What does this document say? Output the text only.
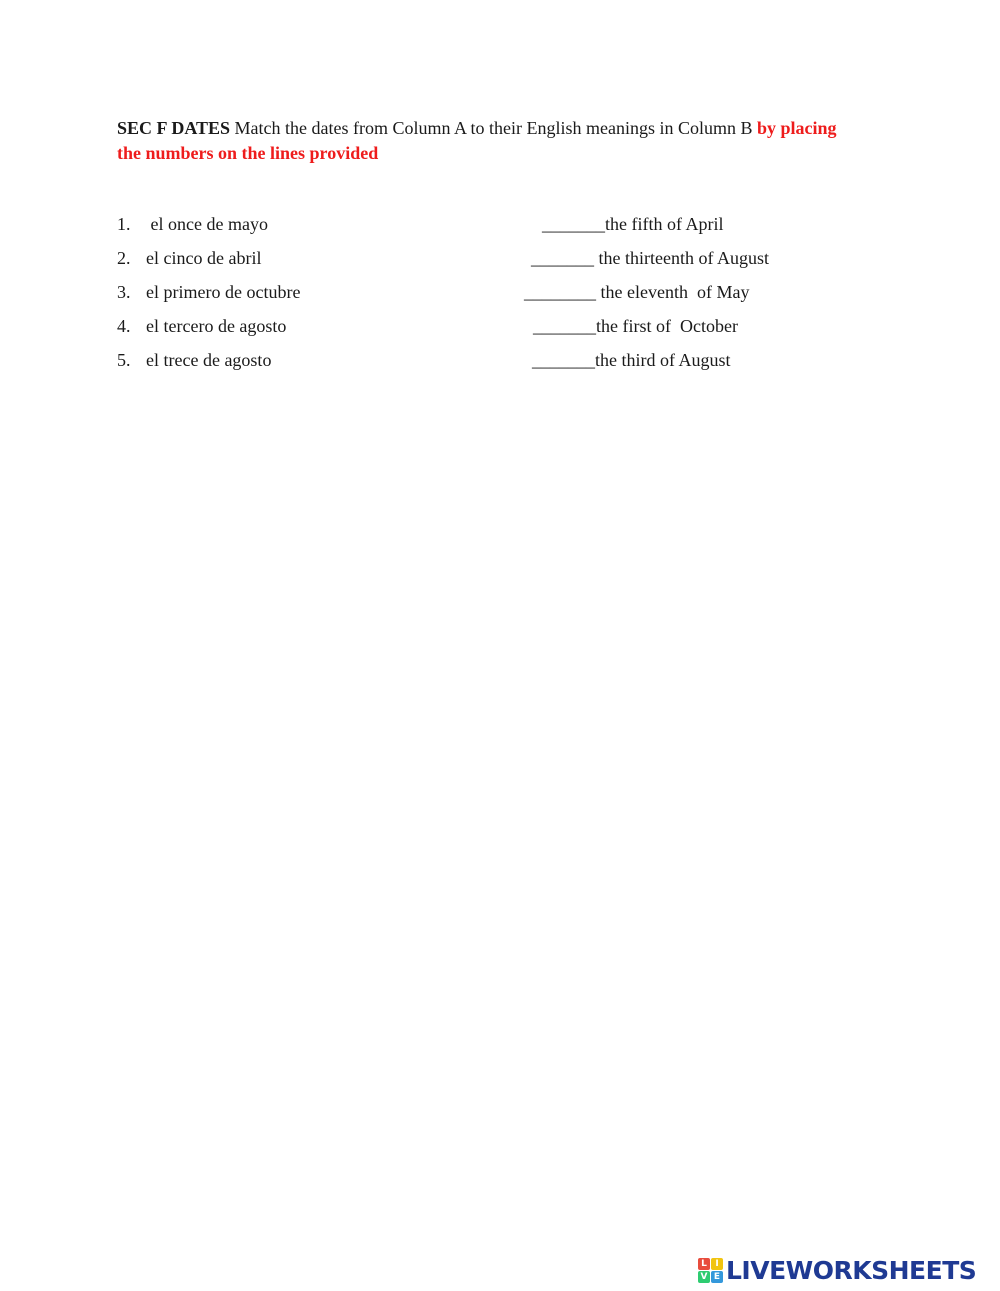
SEC F DATES Match the dates from Column A to their English meanings in Column B by placing the numbers on the lines provided
1. el once de mayo
2. el cinco de abril
3. el primero de octubre
4. el tercero de agosto
5. el trece de agosto
_______the fifth of April
_______ the thirteenth of August
________ the eleventh  of May
_______the first of  October
_______the third of August
L I
V E LIVEWORKSHEETS
